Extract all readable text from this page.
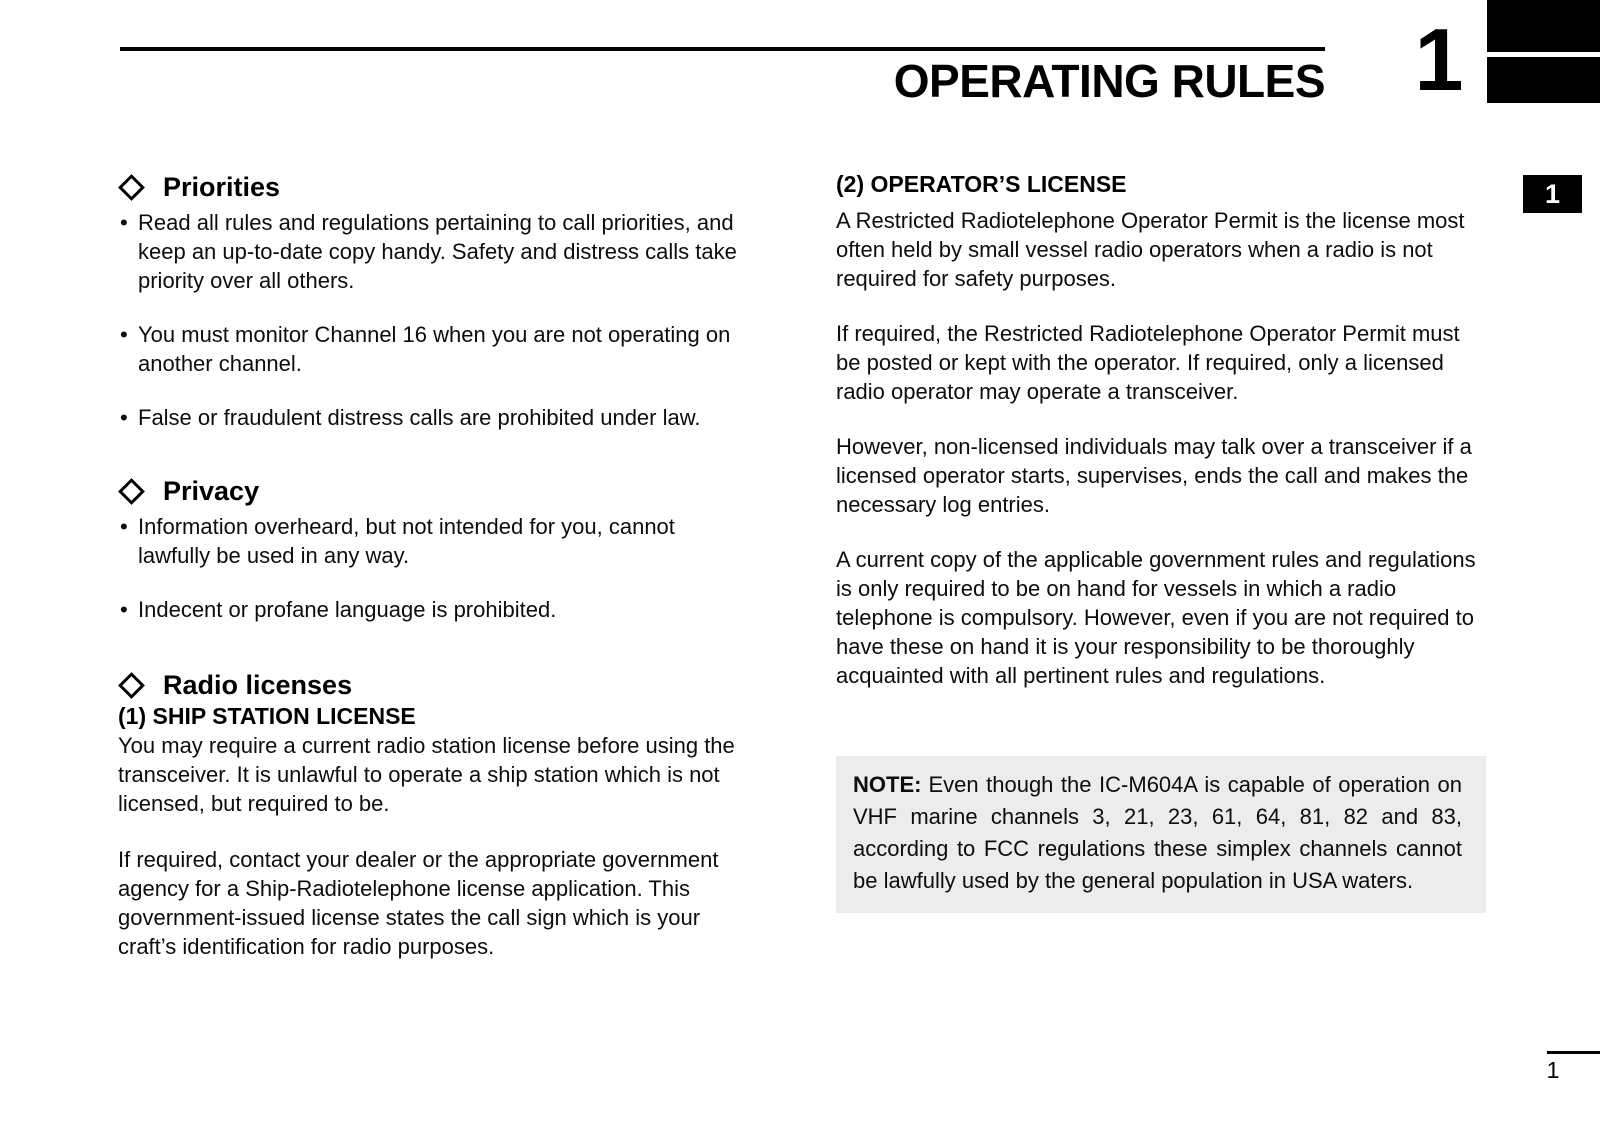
OPERATING RULES 1
1
Priorities

• Read all rules and regulations pertaining to call priorities, and keep an up-to-date copy handy. Safety and distress calls take priority over all others.

• You must monitor Channel 16 when you are not operating on another channel.

• False or fraudulent distress calls are prohibited under law.

Privacy

• Information overheard, but not intended for you, cannot lawfully be used in any way.

• Indecent or profane language is prohibited.

Radio licenses
(1) SHIP STATION LICENSE

You may require a current radio station license before using the transceiver. It is unlawful to operate a ship station which is not licensed, but required to be.

If required, contact your dealer or the appropriate government agency for a Ship-Radiotelephone license application. This government-issued license states the call sign which is your craft’s identification for radio purposes.

(2) OPERATOR’S LICENSE

A Restricted Radiotelephone Operator Permit is the license most often held by small vessel radio operators when a radio is not required for safety purposes.

If required, the Restricted Radiotelephone Operator Permit must be posted or kept with the operator. If required, only a licensed radio operator may operate a transceiver.

However, non-licensed individuals may talk over a transceiver if a licensed operator starts, supervises, ends the call and makes the necessary log entries.

A current copy of the applicable government rules and regulations is only required to be on hand for vessels in which a radio telephone is compulsory. However, even if you are not required to have these on hand it is your responsibility to be thoroughly acquainted with all pertinent rules and regulations.

NOTE: Even though the IC-M604A is capable of operation on VHF marine channels 3, 21, 23, 61, 64, 81, 82 and 83, according to FCC regulations these simplex channels cannot be lawfully used by the general population in USA waters.

1
